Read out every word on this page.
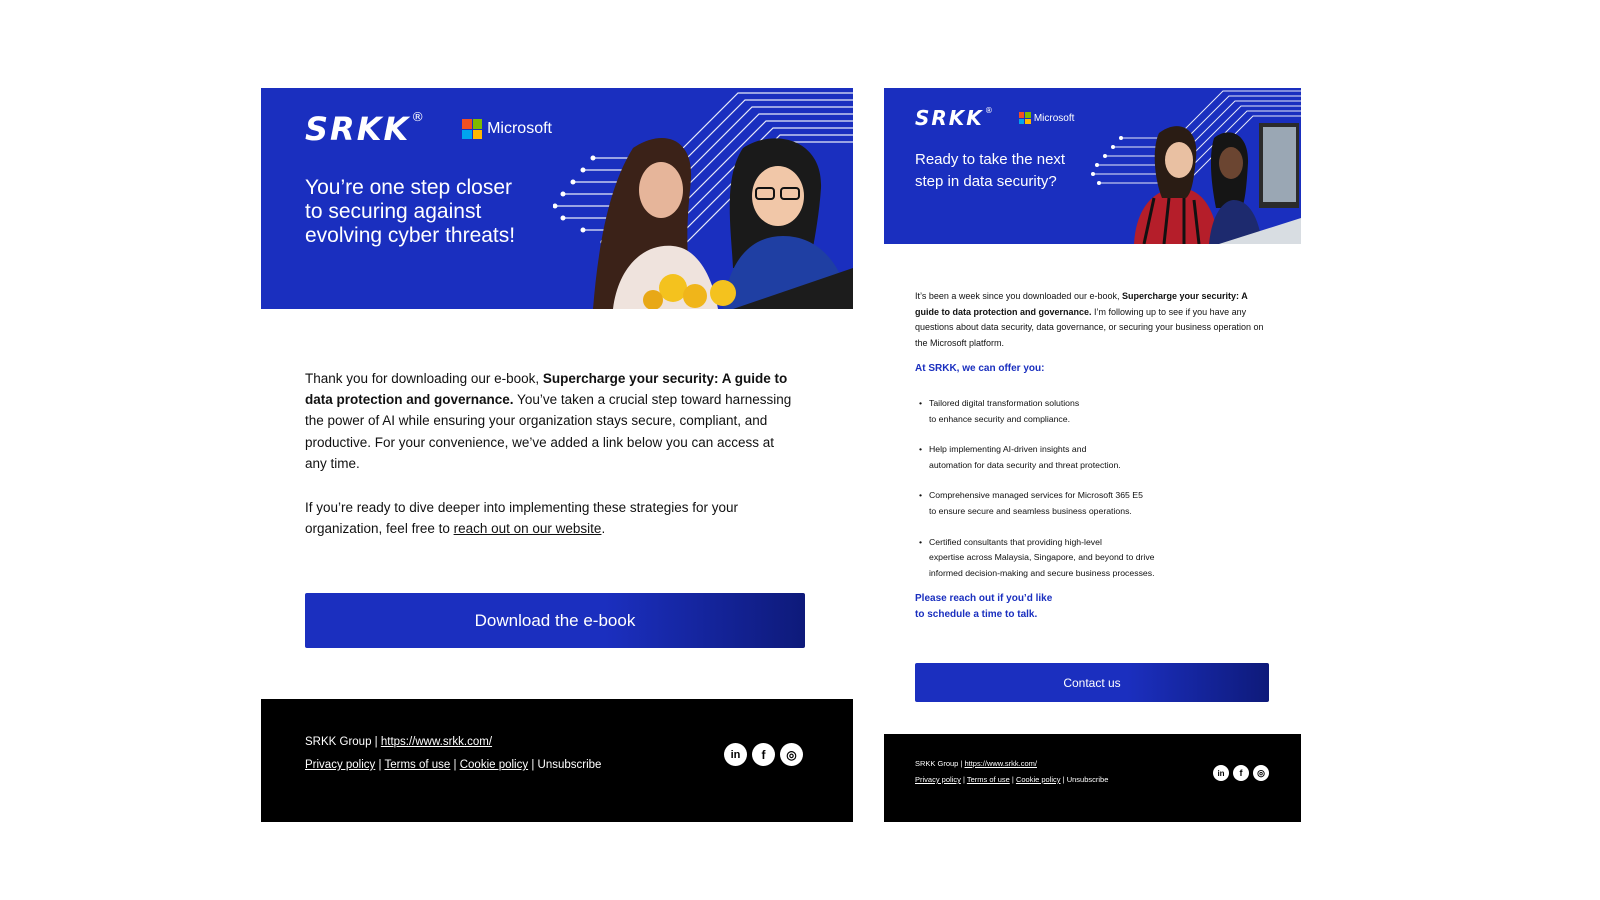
SRKK®
Microsoft
You’re one step closer
to securing against
evolving cyber threats!
Thank you for downloading our e-book, Supercharge your security: A guide to data protection and governance. You’ve taken a crucial step toward harnessing the power of AI while ensuring your organization stays secure, compliant, and productive. For your convenience, we’ve added a link below you can access at any time.
If you’re ready to dive deeper into implementing these strategies for your organization, feel free to reach out on our website.
Download the e-book
SRKK Group | https://www.srkk.com/
Privacy policy | Terms of use | Cookie policy | Unsubscribe
in	f	◎
SRKK®
Microsoft
Ready to take the next
step in data security?
It’s been a week since you downloaded our e-book, Supercharge your security: A guide to data protection and governance. I’m following up to see if you have any questions about data security, data governance, or securing your business operation on the Microsoft platform.
At SRKK, we can offer you:
• Tailored digital transformation solutions
to enhance security and compliance.
• Help implementing AI-driven insights and
automation for data security and threat protection.
• Comprehensive managed services for Microsoft 365 E5
to ensure secure and seamless business operations.
• Certified consultants that providing high-level
expertise across Malaysia, Singapore, and beyond to drive
informed decision-making and secure business processes.
Please reach out if you’d like
to schedule a time to talk.
Contact us
SRKK Group | https://www.srkk.com/
Privacy policy | Terms of use | Cookie policy | Unsubscribe
in	f	◎
